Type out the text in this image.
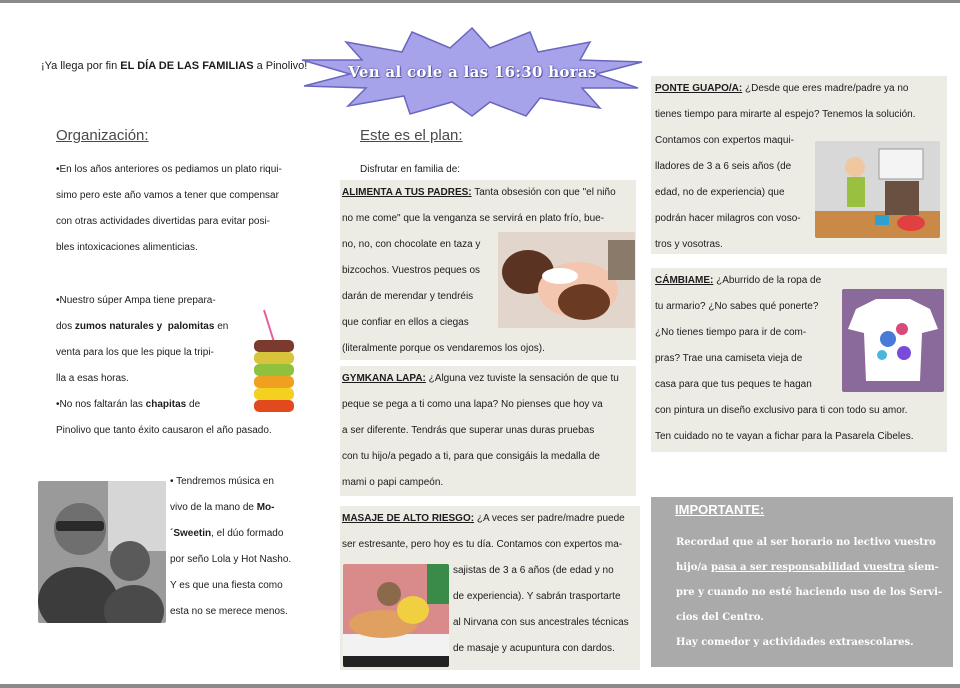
¡Ya llega por fin EL DÍA DE LAS FAMILIAS a Pinolivo!	Ven al cole a las 16:30 horas
Organización:
•En los años anteriores os pediamos un plato riqui-
simo pero este año vamos a tener que compensar
con otras actividades divertidas para evitar posi-
bles intoxicaciones alimenticias.
•Nuestro súper Ampa tiene prepara-
dos zumos naturales y palomitas en
venta para los que les pique la tripi-
lla a esas horas.
•No nos faltarán las chapitas de
Pinolivo que tanto éxito causaron el año pasado.
• Tendremos música en
vivo de la mano de Mo-
´Sweetin, el dúo formado
por seño Lola y Hot Nasho.
Y es que una fiesta como
esta no se merece menos.
Este es el plan:
Disfrutar en familia de:
ALIMENTA A TUS PADRES: Tanta obsesión con que "el niño
no me come" que la venganza se servirá en plato frío, bue-
no, no, con chocolate en taza y
bizcochos. Vuestros peques os
darán de merendar y tendréis
que confiar en ellos a ciegas
(literalmente porque os vendaremos los ojos).
GYMKANA LAPA: ¿Alguna vez tuviste la sensación de que tu
peque se pega a ti como una lapa? No pienses que hoy va
a ser diferente. Tendrás que superar unas duras pruebas
con tu hijo/a pegado a ti, para que consigáis la medalla de
mami o papi campeón.
MASAJE DE ALTO RIESGO: ¿A veces ser padre/madre puede
ser estresante, pero hoy es tu día. Contamos con expertos ma-
sajistas de 3 a 6 años (de edad y no
de experiencia). Y sabrán trasportarte
al Nirvana con sus ancestrales técnicas
de masaje y acupuntura con dardos.
PONTE GUAPO/A: ¿Desde que eres madre/padre ya no
tienes tiempo para mirarte al espejo? Tenemos la solución.
Contamos con expertos maqui-
lladores de 3 a 6 seis años (de
edad, no de experiencia) que
podrán hacer milagros con voso-
tros y vosotras.
CÁMBIAME: ¿Aburrido de la ropa de
tu armario? ¿No sabes qué ponerte?
¿No tienes tiempo para ir de com-
pras? Trae una camiseta vieja de
casa para que tus peques te hagan
con pintura un diseño exclusivo para ti con todo su amor.
Ten cuidado no te vayan a fichar para la Pasarela Cibeles.
IMPORTANTE:
Recordad que al ser horario no lectivo vuestro
hijo/a pasa a ser responsabilidad vuestra siem-
pre y cuando no esté haciendo uso de los Servi-
cios del Centro.
Hay comedor y actividades extraescolares.
